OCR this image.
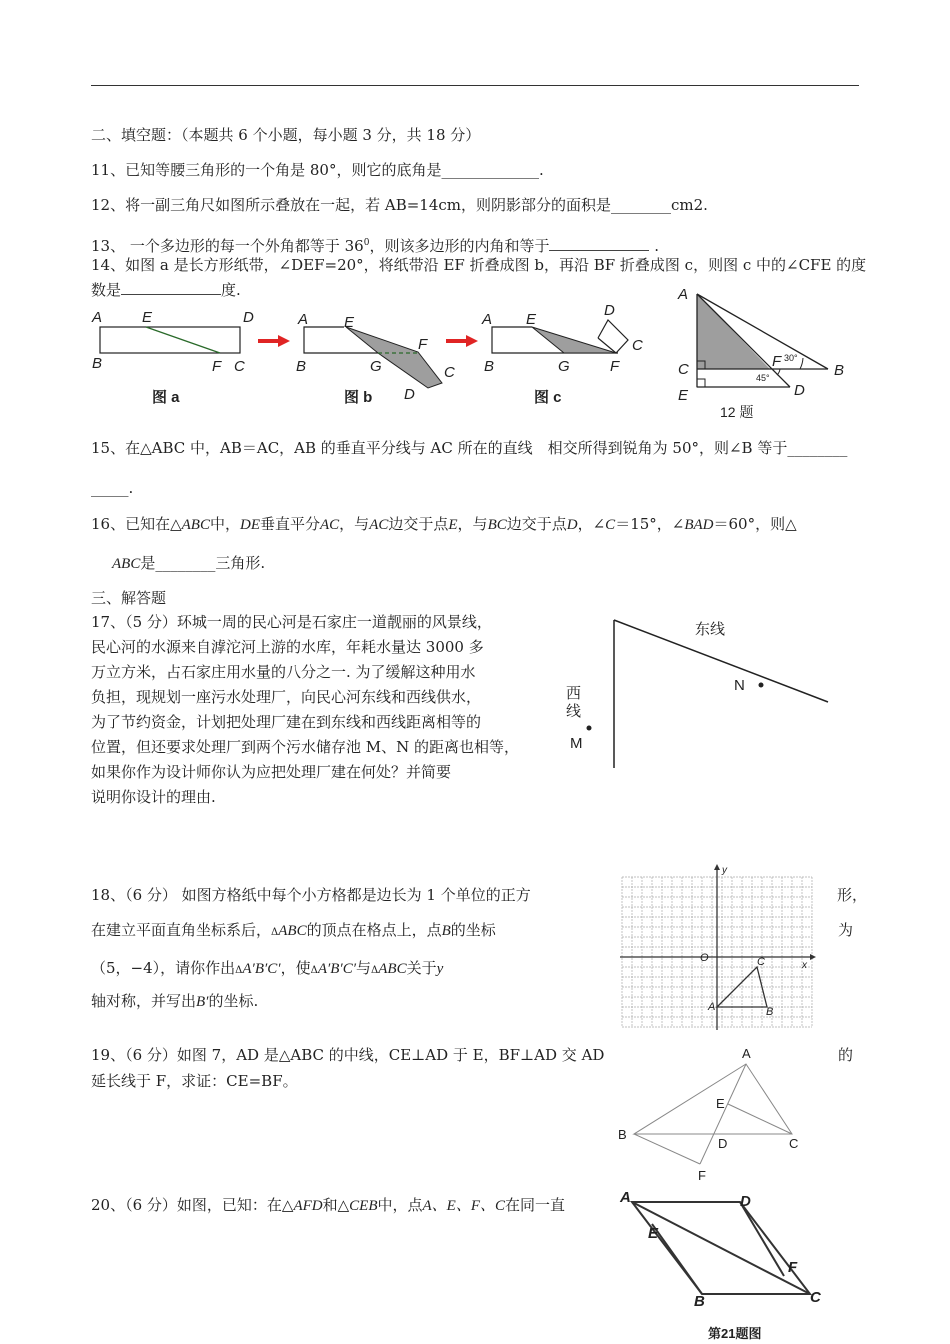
二、填空题：（本题共 6 个小题，每小题 3 分，共 18 分）
11、已知等腰三角形的一个角是 80°，则它的底角是_____________.
12、将一副三角尺如图所示叠放在一起，若 AB=14cm，则阴影部分的面积是________cm2.
13、 一个多边形的每一个外角都等于 $36^0$，则该多边形的内角和等于	.
14、如图 a 是长方形纸带，∠DEF=20°，将纸带沿 EF 折叠成图 b，再沿 BF 折叠成图 c，则图 c 中的∠CFE 的度
数是	度.
A	E	D
B	F C
图 a
A E
F
B	G	C
D
图 b
A E
D
C
B	G	F
图 c
A
C
E
F
B
D
30°
45°
12 题
15、在△ABC 中，AB＝AC，AB 的垂直平分线与 AC 所在的直线　相交所得到锐角为 50°，则∠B 等于________
_____.
16、已知在△ABC中，DE垂直平分AC，与AC边交于点E，与BC边交于点D，∠C＝15°，∠BAD＝60°，则△
ABC是________三角形.
三、解答题
17、（5 分）环城一周的民心河是石家庄一道靓丽的风景线，
民心河的水源来自滹沱河上游的水库，年耗水量达 3000 多
万立方米，占石家庄用水量的八分之一. 为了缓解这种用水
负担，现规划一座污水处理厂，向民心河东线和西线供水，
为了节约资金，计划把处理厂建在到东线和西线距离相等的
位置，但还要求处理厂到两个污水储存池 M、N 的距离也相等，
如果你作为设计师你认为应把处理厂建在何处？并简要
说明你设计的理由.
东线
西
线
N
M
18、（6 分） 如图方格纸中每个小方格都是边长为 1 个单位的正方	形，
在建立平面直角坐标系后，ΔABC的顶点在格点上，点B的坐标	为
（5，−4），请你作出ΔA′B′C′，使ΔA′B′C′与ΔABC关于y
轴对称，并写出B′的坐标.
y
x
O	C
A	B
19、（6 分）如图 7，AD 是△ABC 的中线，CE⊥AD 于 E，BF⊥AD 交 AD	的
延长线于 F，求证：CE=BF。
A
E
B
D	C
F
20、（6 分）如图，已知：在△AFD和△CEB中，点A、E、F、C在同一直	A	D
E
F
B	C
第21题图
